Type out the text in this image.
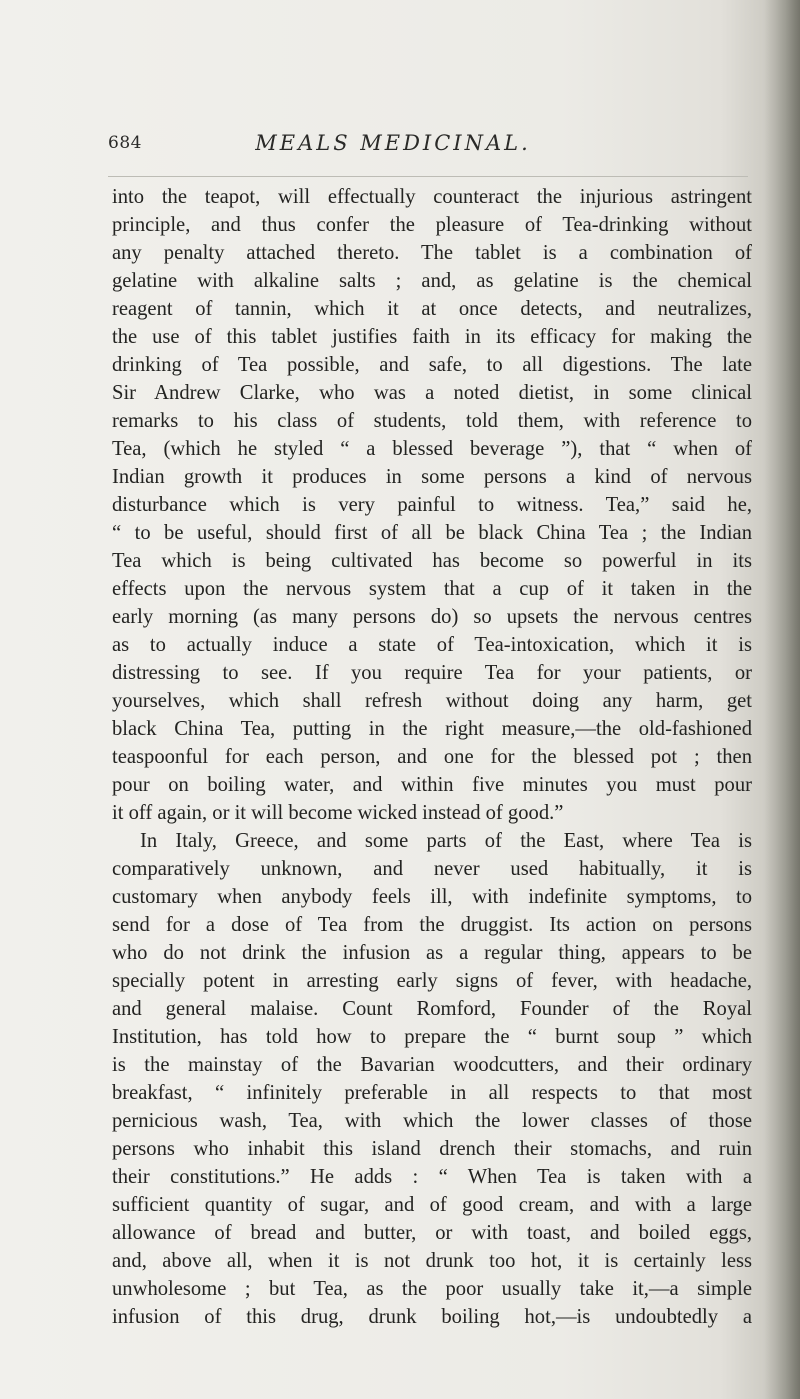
684	MEALS MEDICINAL.
into the teapot, will effectually counteract the injurious astringent
principle, and thus confer the pleasure of Tea-drinking without
any penalty attached thereto. The tablet is a combination of
gelatine with alkaline salts ; and, as gelatine is the chemical
reagent of tannin, which it at once detects, and neutralizes,
the use of this tablet justifies faith in its efficacy for making the
drinking of Tea possible, and safe, to all digestions. The late
Sir Andrew Clarke, who was a noted dietist, in some clinical
remarks to his class of students, told them, with reference to
Tea, (which he styled “ a blessed beverage ”), that “ when of
Indian growth it produces in some persons a kind of nervous
disturbance which is very painful to witness. Tea,” said he,
“ to be useful, should first of all be black China Tea ; the Indian
Tea which is being cultivated has become so powerful in its
effects upon the nervous system that a cup of it taken in the
early morning (as many persons do) so upsets the nervous centres
as to actually induce a state of Tea-intoxication, which it is
distressing to see. If you require Tea for your patients, or
yourselves, which shall refresh without doing any harm, get
black China Tea, putting in the right measure,—the old-fashioned
teaspoonful for each person, and one for the blessed pot ; then
pour on boiling water, and within five minutes you must pour
it off again, or it will become wicked instead of good.”
In Italy, Greece, and some parts of the East, where Tea is
comparatively unknown, and never used habitually, it is
customary when anybody feels ill, with indefinite symptoms, to
send for a dose of Tea from the druggist. Its action on persons
who do not drink the infusion as a regular thing, appears to be
specially potent in arresting early signs of fever, with headache,
and general malaise. Count Romford, Founder of the Royal
Institution, has told how to prepare the “ burnt soup ” which
is the mainstay of the Bavarian woodcutters, and their ordinary
breakfast, “ infinitely preferable in all respects to that most
pernicious wash, Tea, with which the lower classes of those
persons who inhabit this island drench their stomachs, and ruin
their constitutions.” He adds : “ When Tea is taken with a
sufficient quantity of sugar, and of good cream, and with a large
allowance of bread and butter, or with toast, and boiled eggs,
and, above all, when it is not drunk too hot, it is certainly less
unwholesome ; but Tea, as the poor usually take it,—a simple
infusion of this drug, drunk boiling hot,—is undoubtedly a
